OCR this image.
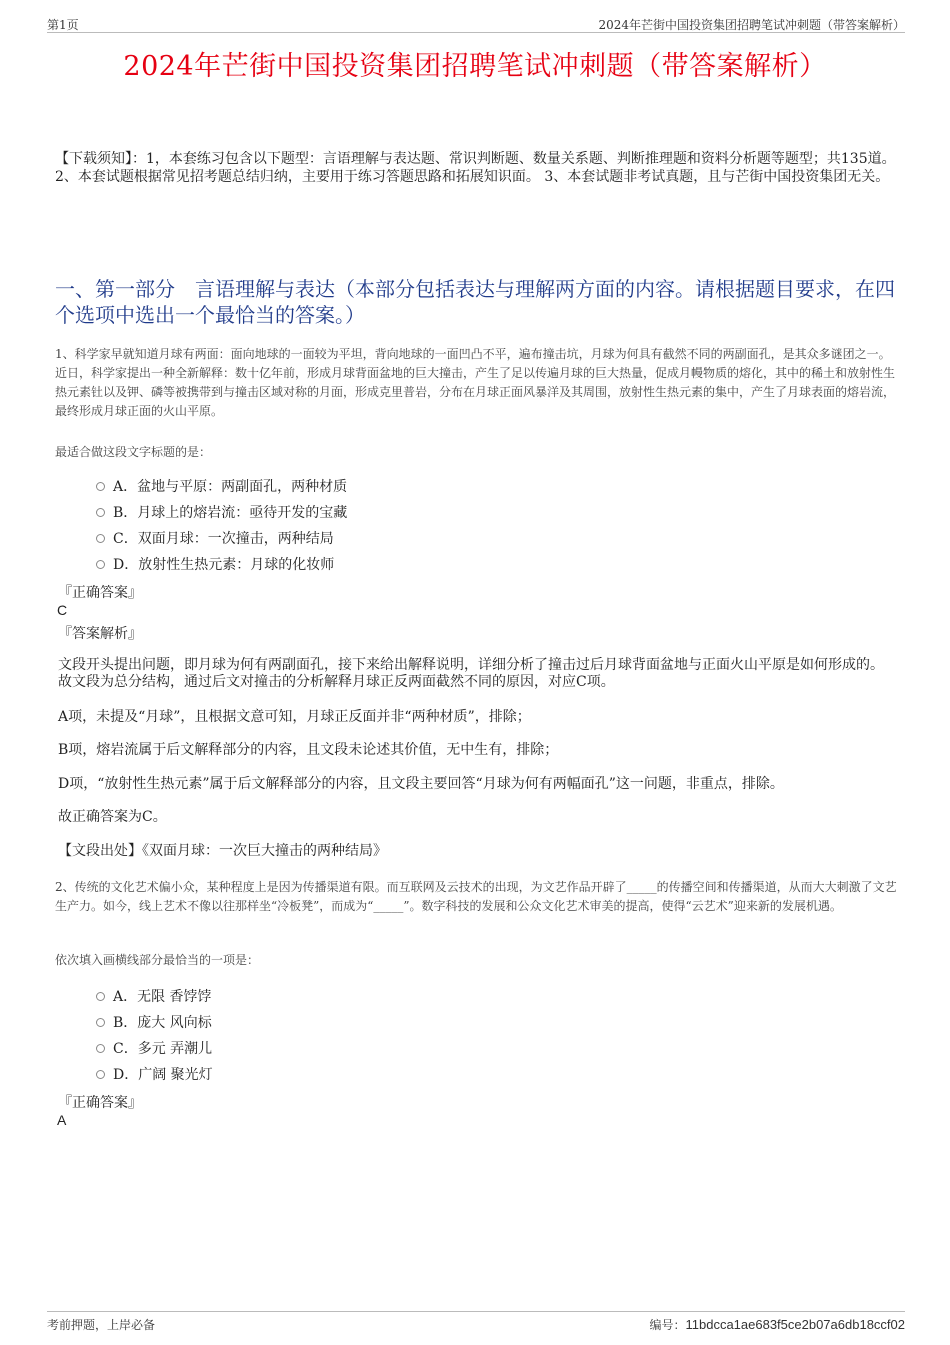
第1页	2024年芒街中国投资集团招聘笔试冲刺题（带答案解析）
2024年芒街中国投资集团招聘笔试冲刺题（带答案解析）
【下载须知】：1，本套练习包含以下题型：言语理解与表达题、常识判断题、数量关系题、判断推理题和资料分析题等题型；共135道。 2、本套试题根据常见招考题总结归纳，主要用于练习答题思路和拓展知识面。 3、本套试题非考试真题，且与芒街中国投资集团无关。
一、第一部分　言语理解与表达（本部分包括表达与理解两方面的内容。请根据题目要求，在四个选项中选出一个最恰当的答案。）
1、科学家早就知道月球有两面：面向地球的一面较为平坦，背向地球的一面凹凸不平，遍布撞击坑，月球为何具有截然不同的两副面孔，是其众多谜团之一。近日，科学家提出一种全新解释：数十亿年前，形成月球背面盆地的巨大撞击，产生了足以传遍月球的巨大热量，促成月幔物质的熔化，其中的稀土和放射性生热元素钍以及钾、磷等被携带到与撞击区域对称的月面，形成克里普岩，分布在月球正面风暴洋及其周围，放射性生热元素的集中，产生了月球表面的熔岩流，最终形成月球正面的火山平原。
最适合做这段文字标题的是：
A．盆地与平原：两副面孔，两种材质
B．月球上的熔岩流：亟待开发的宝藏
C．双面月球：一次撞击，两种结局
D．放射性生热元素：月球的化妆师
『正确答案』
C
『答案解析』
文段开头提出问题，即月球为何有两副面孔，接下来给出解释说明，详细分析了撞击过后月球背面盆地与正面火山平原是如何形成的。故文段为总分结构，通过后文对撞击的分析解释月球正反两面截然不同的原因，对应C项。
A项，未提及“月球”，且根据文意可知，月球正反面并非“两种材质”，排除；
B项，熔岩流属于后文解释部分的内容，且文段未论述其价值，无中生有，排除；
D项，“放射性生热元素”属于后文解释部分的内容，且文段主要回答“月球为何有两幅面孔”这一问题，非重点，排除。
故正确答案为C。
【文段出处】《双面月球：一次巨大撞击的两种结局》
2、传统的文化艺术偏小众，某种程度上是因为传播渠道有限。而互联网及云技术的出现，为文艺作品开辟了_____的传播空间和传播渠道，从而大大刺激了文艺生产力。如今，线上艺术不像以往那样坐“冷板凳”，而成为“_____”。数字科技的发展和公众文化艺术审美的提高，使得“云艺术”迎来新的发展机遇。
依次填入画横线部分最恰当的一项是：
A．无限 香饽饽
B．庞大 风向标
C．多元 弄潮儿
D．广阔 聚光灯
『正确答案』
A
考前押题，上岸必备	编号：11bdcca1ae683f5ce2b07a6db18ccf02
